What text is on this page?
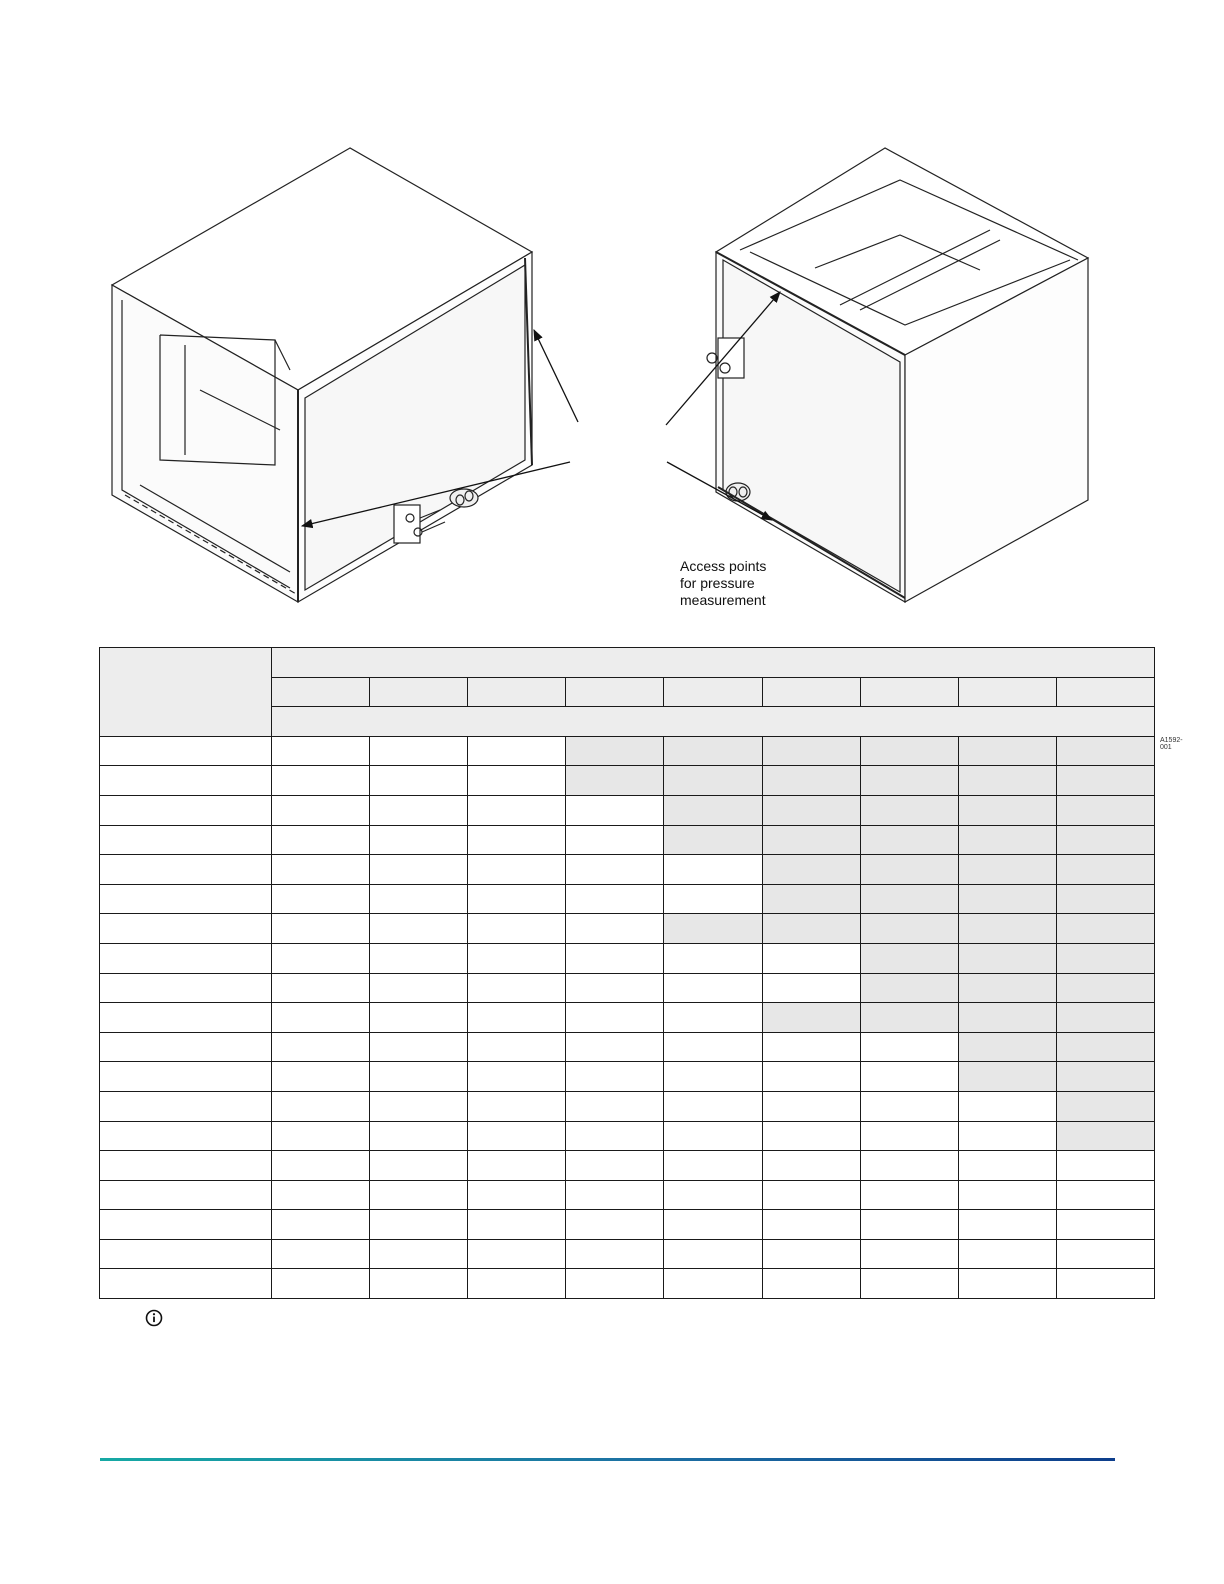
Access points
for pressure
measurement
A1592-001
